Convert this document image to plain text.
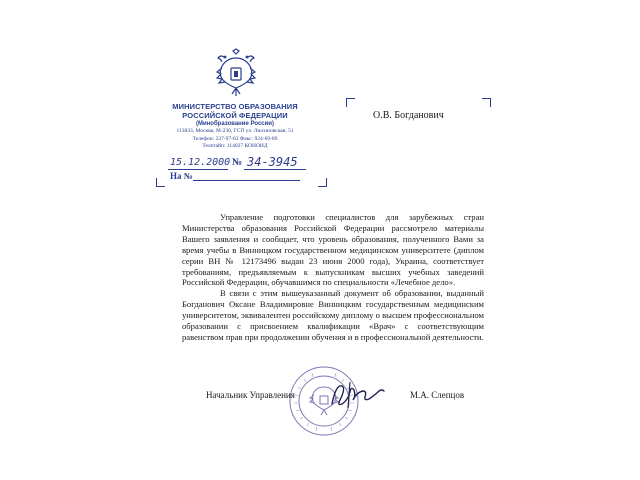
МИНИСТЕРСТВО ОБРАЗОВАНИЯ
РОССИЙСКОЙ ФЕДЕРАЦИИ
(Минобразование России)
113833, Москва, М-230, ГСП ул. Люсиновская, 51
Телефон: 237-97-63 Факс: 924-69-89
Телетайп: 114027 КОНОИД
15.12.2000 № 34-3945
На №
О.В. Богданович

Управление подготовки специалистов для зарубежных стран Министерства образования Российской Федерации рассмотрело материалы Вашего заявления и сообщает, что уровень образования, полученного Вами за время учебы в Винницком государственном медицинском университете (диплом серии ВН № 12173496 выдан 23 июня 2000 года), Украина, соответствует требованиям, предъявляемым к выпускникам высших учебных заведений Российской Федерации, обучавшимся по специальности «Лечебное дело».

В связи с этим вышеуказанный документ об образовании, выданный Богданович Оксане Владимировне Винницким государственным медицинским университетом, эквивалентен российскому диплому о высшем профессиональном образовании с присвоением квалификации «Врач» с соответствующим равенством прав при продолжении обучения и в профессиональной деятельности.

Начальник Управления	М.А. Слепцов
